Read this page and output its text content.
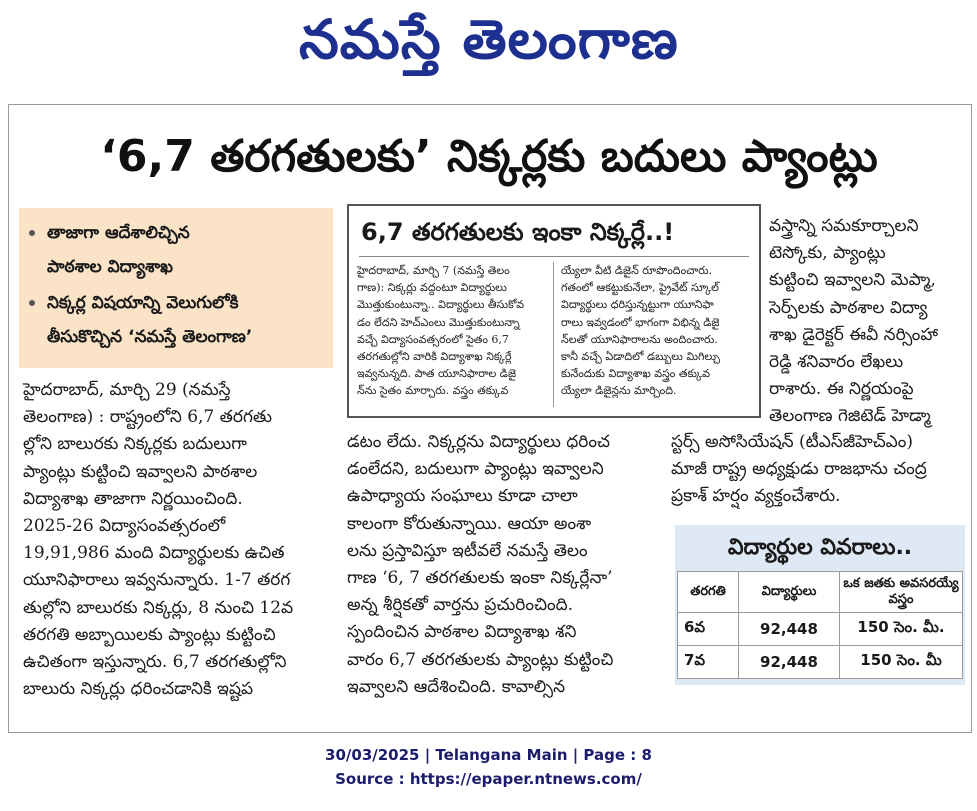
నమస్తే తెలంగాణ
‘6,7 తరగతులకు’ నిక్కర్లకు బదులు ప్యాంట్లు
తాజాగా ఆదేశాలిచ్చిన
పాఠశాల విద్యాశాఖ
నిక్కర్ల విషయాన్ని వెలుగులోకి
తీసుకొచ్చిన ‘నమస్తే తెలంగాణ’
హైదరాబాద్, మార్చి 29 (నమస్తే
తెలంగాణ) : రాష్ట్రంలోని 6,7 తరగతు
ల్లోని బాలురకు నిక్కర్లకు బదులుగా
ప్యాంట్లు కుట్టించి ఇవ్వాలని పాఠశాల
విద్యాశాఖ తాజాగా నిర్ణయించింది.
2025-26 విద్యాసంవత్సరంలో
19,91,986 మంది విద్యార్థులకు ఉచిత
యూనిఫారాలు ఇవ్వనున్నారు. 1-7 తరగ
తుల్లోని బాలురకు నిక్కర్లు, 8 నుంచి 12వ
తరగతి అబ్బాయిలకు ప్యాంట్లు కుట్టించి
ఉచితంగా ఇస్తున్నారు. 6,7 తరగతుల్లోని
బాలురు నిక్కర్లు ధరించడానికి ఇష్టప
6,7 తరగతులకు ఇంకా నిక్కర్లే..!
హైదరాబాద్, మార్చి 7 (నమస్తే తెలం
గాణ): నిక్కర్లు వద్దంటూ విద్యార్థులు
మొత్తుకుంటున్నా.. విద్యార్థులు తీసుకోవ
డం లేదని హెచ్ఎంలు మొత్తుకుంటున్నా
వచ్చే విద్యాసంవత్సరంలో సైతం 6,7
తరగతుల్లోని వారికి విద్యాశాఖ నిక్కర్లే
ఇవ్వనున్నది. పాత యూనిఫారాల డిజై
న్‌ను సైతం మార్చారు. వస్త్రం తక్కువ
య్యేలా వీటి డిజైన్ రూపొందించారు.
గతంలో ఆకట్టుకునేలా, ప్రైవేట్ స్కూల్
విద్యార్థులు ధరిస్తున్నట్టుగా యూనిఫా
రాలు ఇవ్వడంలో భాగంగా విభిన్న డిజై
న్‌లతో యూనిఫారాలను అందించారు.
కానీ వచ్చే ఏడాదిలో డబ్బులు మిగిల్చు
కునేందుకు విద్యాశాఖ వస్త్రం తక్కువ
య్యేలా డిజైన్లను మార్చింది.
డటం లేదు. నిక్కర్లను విద్యార్థులు ధరించ
డంలేదని, బదులుగా ప్యాంట్లు ఇవ్వాలని
ఉపాధ్యాయ సంఘాలు కూడా చాలా
కాలంగా కోరుతున్నాయి. ఆయా అంశా
లను ప్రస్తావిస్తూ ఇటీవలే నమస్తే తెలం
గాణ ‘6, 7 తరగతులకు ఇంకా నిక్కర్లేనా’
అన్న శీర్షికతో వార్తను ప్రచురించింది.
స్పందించిన పాఠశాల విద్యాశాఖ శని
వారం 6,7 తరగతులకు ప్యాంట్లు కుట్టించి
ఇవ్వాలని ఆదేశించింది. కావాల్సిన
వస్త్రాన్ని సమకూర్చాలని
టెస్కోకు, ప్యాంట్లు
కుట్టించి ఇవ్వాలని మెప్మా,
సెర్ప్‌లకు పాఠశాల విద్యా
శాఖ డైరెక్టర్ ఈవీ నర్సింహా
రెడ్డి శనివారం లేఖలు
రాశారు. ఈ నిర్ణయంపై
తెలంగాణ గెజిటెడ్ హెడ్మా
స్టర్స్ అసోసియేషన్ (టీఎస్‌జీహెచ్ఎం)
మాజీ రాష్ట్ర అధ్యక్షుడు రాజభాను చంద్ర
ప్రకాశ్ హర్షం వ్యక్తంచేశారు.
విద్యార్థుల వివరాలు..
తరగతి	విద్యార్థులు	ఒక జతకు అవసరయ్యే వస్త్రం
6వ	92,448	150 సెం. మీ.
7వ	92,448	150 సెం. మీ
30/03/2025 | Telangana Main | Page : 8
Source : https://epaper.ntnews.com/
